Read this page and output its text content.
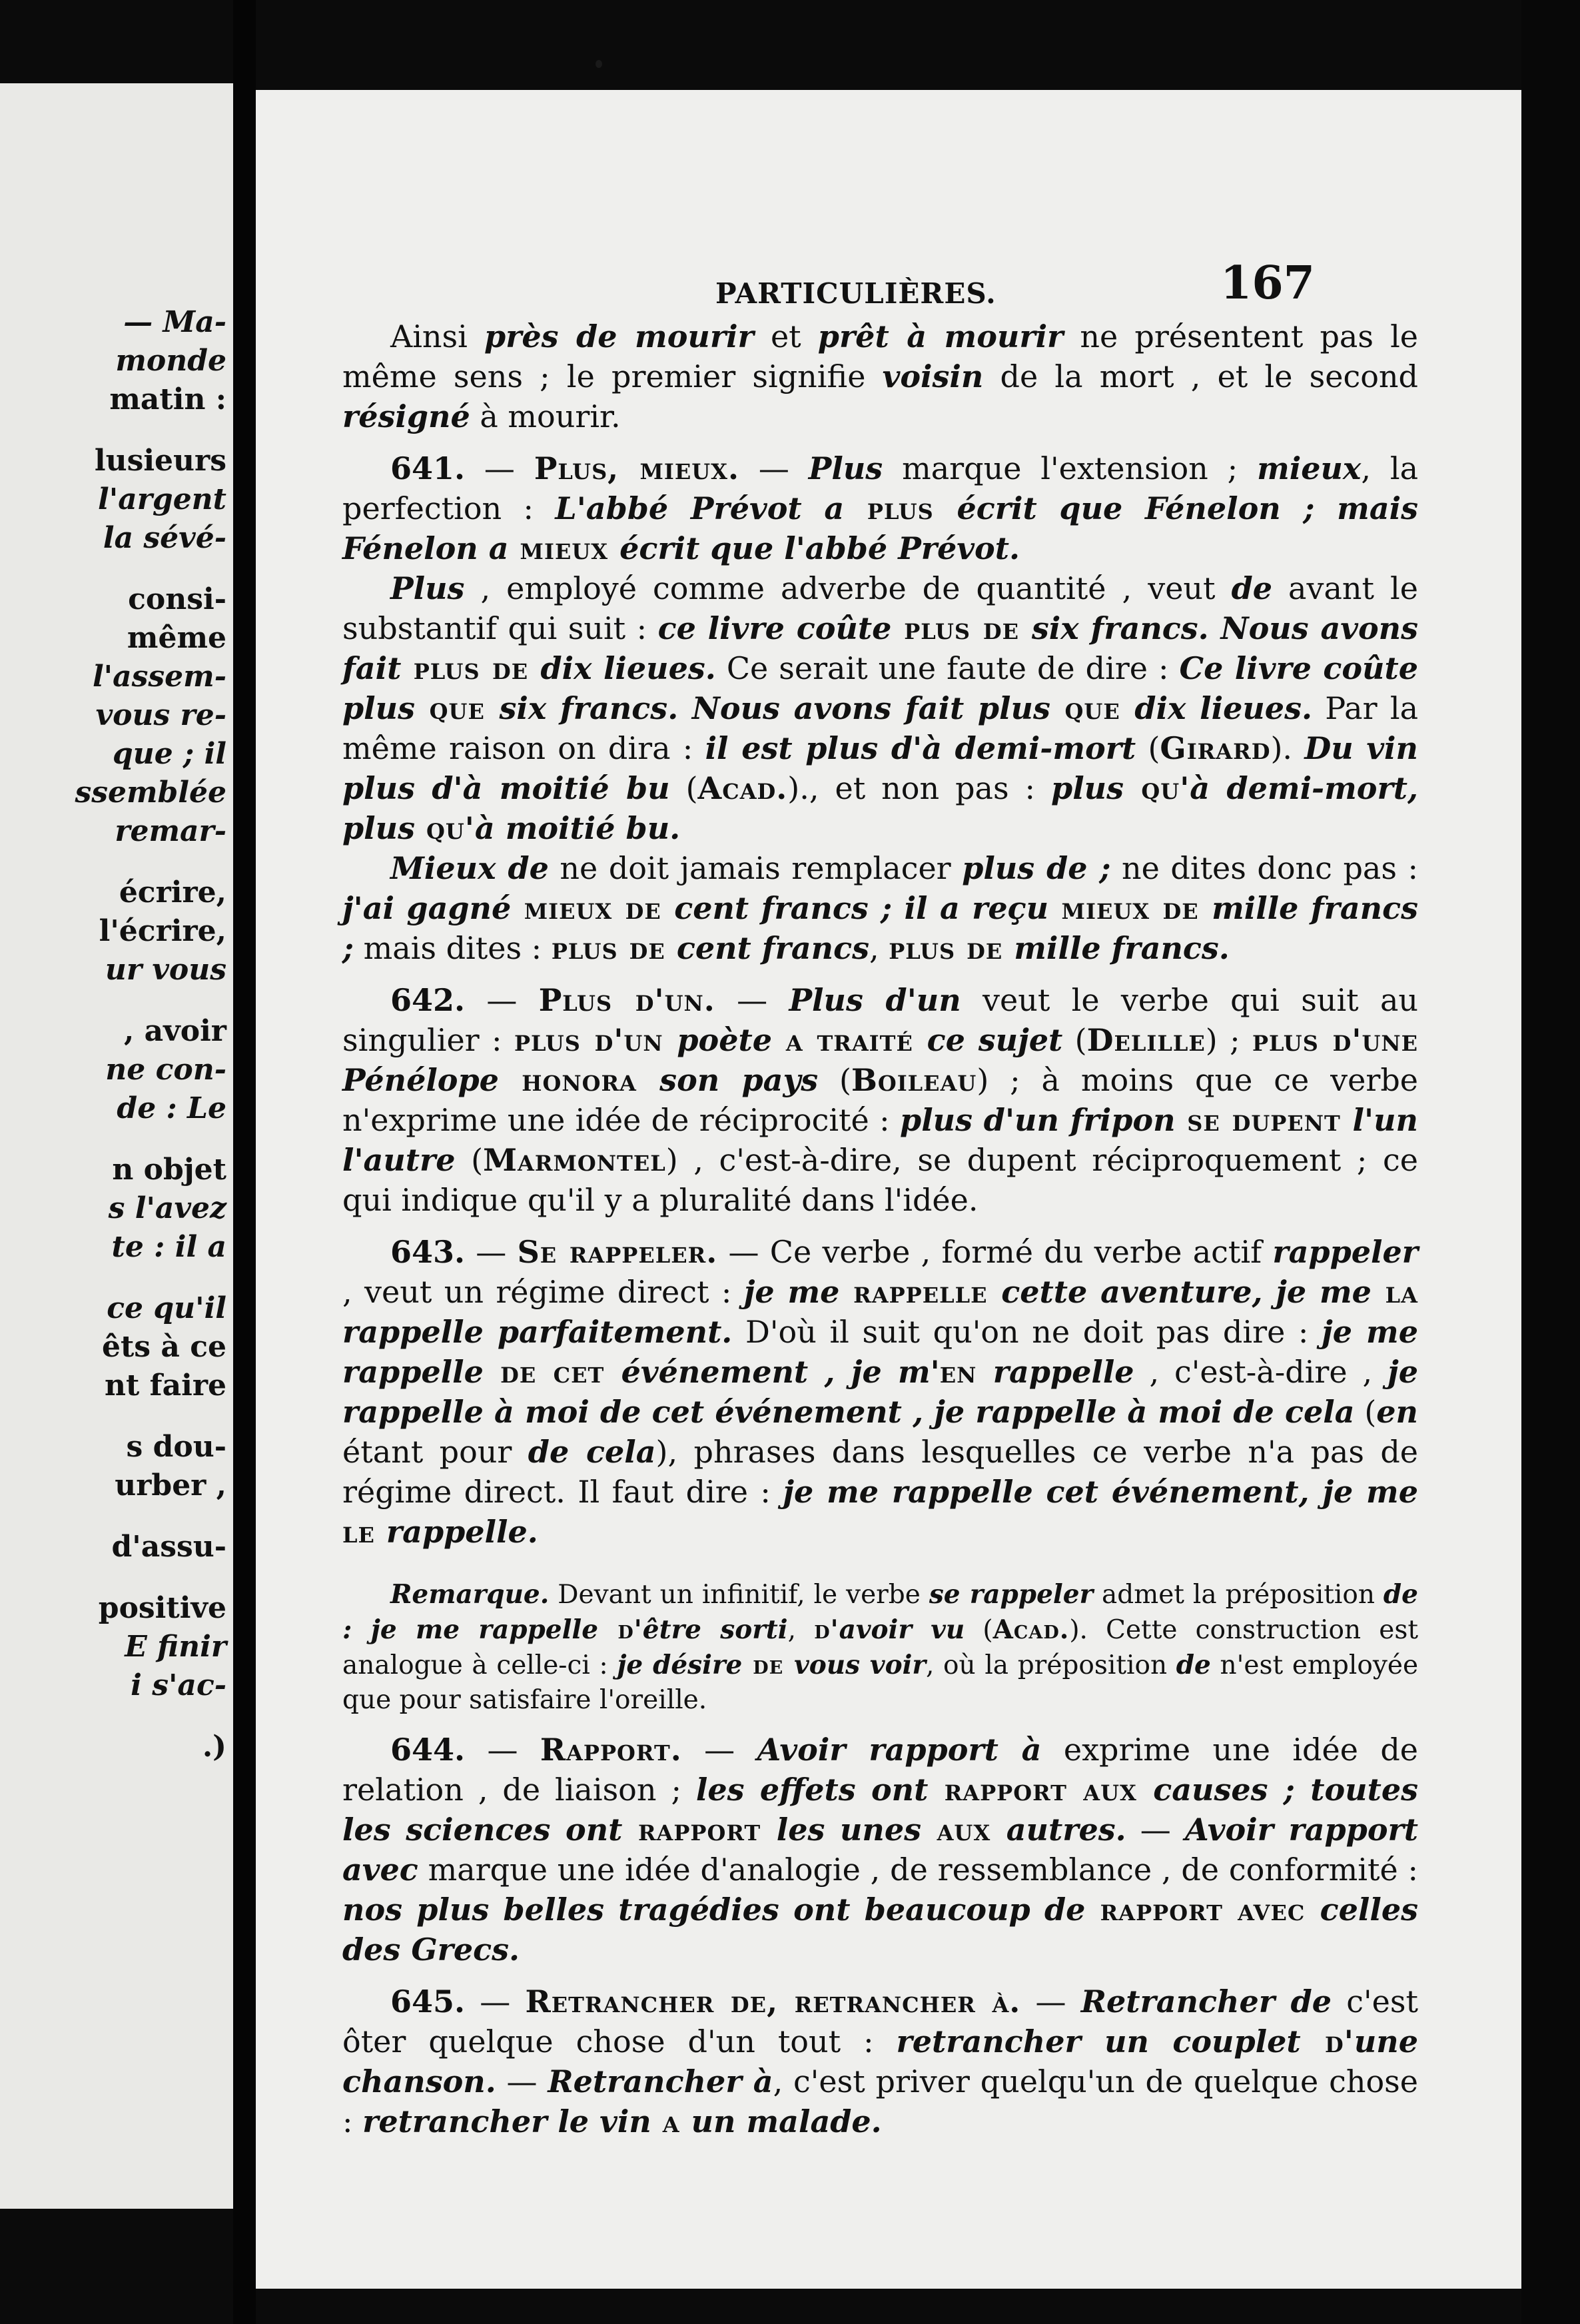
— Ma-
monde
matin :
lusieurs
l'argent
la sévé-
consi-
même
l'assem-
vous re-
que ; il
ssemblée
remar-
écrire,
l'écrire,
ur vous
, avoir
ne con-
de : Le
n objet
s l'avez
te : il a
ce qu'il
êts à ce
nt faire
s dou-
urber ,
d'assu-
positive
E finir
i s'ac-
.)
PARTICULIÈRES.	167

Ainsi près de mourir et prêt à mourir ne présentent pas le même sens ; le premier signifie voisin de la mort , et le second résigné à mourir.

641. — Plus, mieux. — Plus marque l'extension ; mieux, la perfection : L'abbé Prévot a plus écrit que Fénelon ; mais Fénelon a mieux écrit que l'abbé Prévot.

Plus , employé comme adverbe de quantité , veut de avant le substantif qui suit : ce livre coûte plus de six francs. Nous avons fait plus de dix lieues. Ce serait une faute de dire : Ce livre coûte plus que six francs. Nous avons fait plus que dix lieues. Par la même raison on dira : il est plus d'à demi-mort (Girard). Du vin plus d'à moitié bu (Acad.)., et non pas : plus qu'à demi-mort, plus qu'à moitié bu.

Mieux de ne doit jamais remplacer plus de ; ne dites donc pas : j'ai gagné mieux de cent francs ; il a reçu mieux de mille francs ; mais dites : plus de cent francs, plus de mille francs.

642. — Plus d'un. — Plus d'un veut le verbe qui suit au singulier : plus d'un poète a traité ce sujet (Delille) ; plus d'une Pénélope honora son pays (Boileau) ; à moins que ce verbe n'exprime une idée de réciprocité : plus d'un fripon se dupent l'un l'autre (Marmontel) , c'est-à-dire, se dupent réciproquement ; ce qui indique qu'il y a pluralité dans l'idée.

643. — Se rappeler. — Ce verbe , formé du verbe actif rappeler , veut un régime direct : je me rappelle cette aventure, je me la rappelle parfaitement. D'où il suit qu'on ne doit pas dire : je me rappelle de cet événement , je m'en rappelle , c'est-à-dire , je rappelle à moi de cet événement , je rappelle à moi de cela (en étant pour de cela), phrases dans lesquelles ce verbe n'a pas de régime direct. Il faut dire : je me rappelle cet événement, je me le rappelle.

Remarque. Devant un infinitif, le verbe se rappeler admet la préposition de : je me rappelle d'être sorti, d'avoir vu (Acad.). Cette construction est analogue à celle-ci : je désire de vous voir, où la préposition de n'est employée que pour satisfaire l'oreille.

644. — Rapport. — Avoir rapport à exprime une idée de relation , de liaison ; les effets ont rapport aux causes ; toutes les sciences ont rapport les unes aux autres. — Avoir rapport avec marque une idée d'analogie , de ressemblance , de conformité : nos plus belles tragédies ont beaucoup de rapport avec celles des Grecs.

645. — Retrancher de, retrancher à. — Retrancher de c'est ôter quelque chose d'un tout : retrancher un couplet d'une chanson. — Retrancher à, c'est priver quelqu'un de quelque chose : retrancher le vin a un malade.
